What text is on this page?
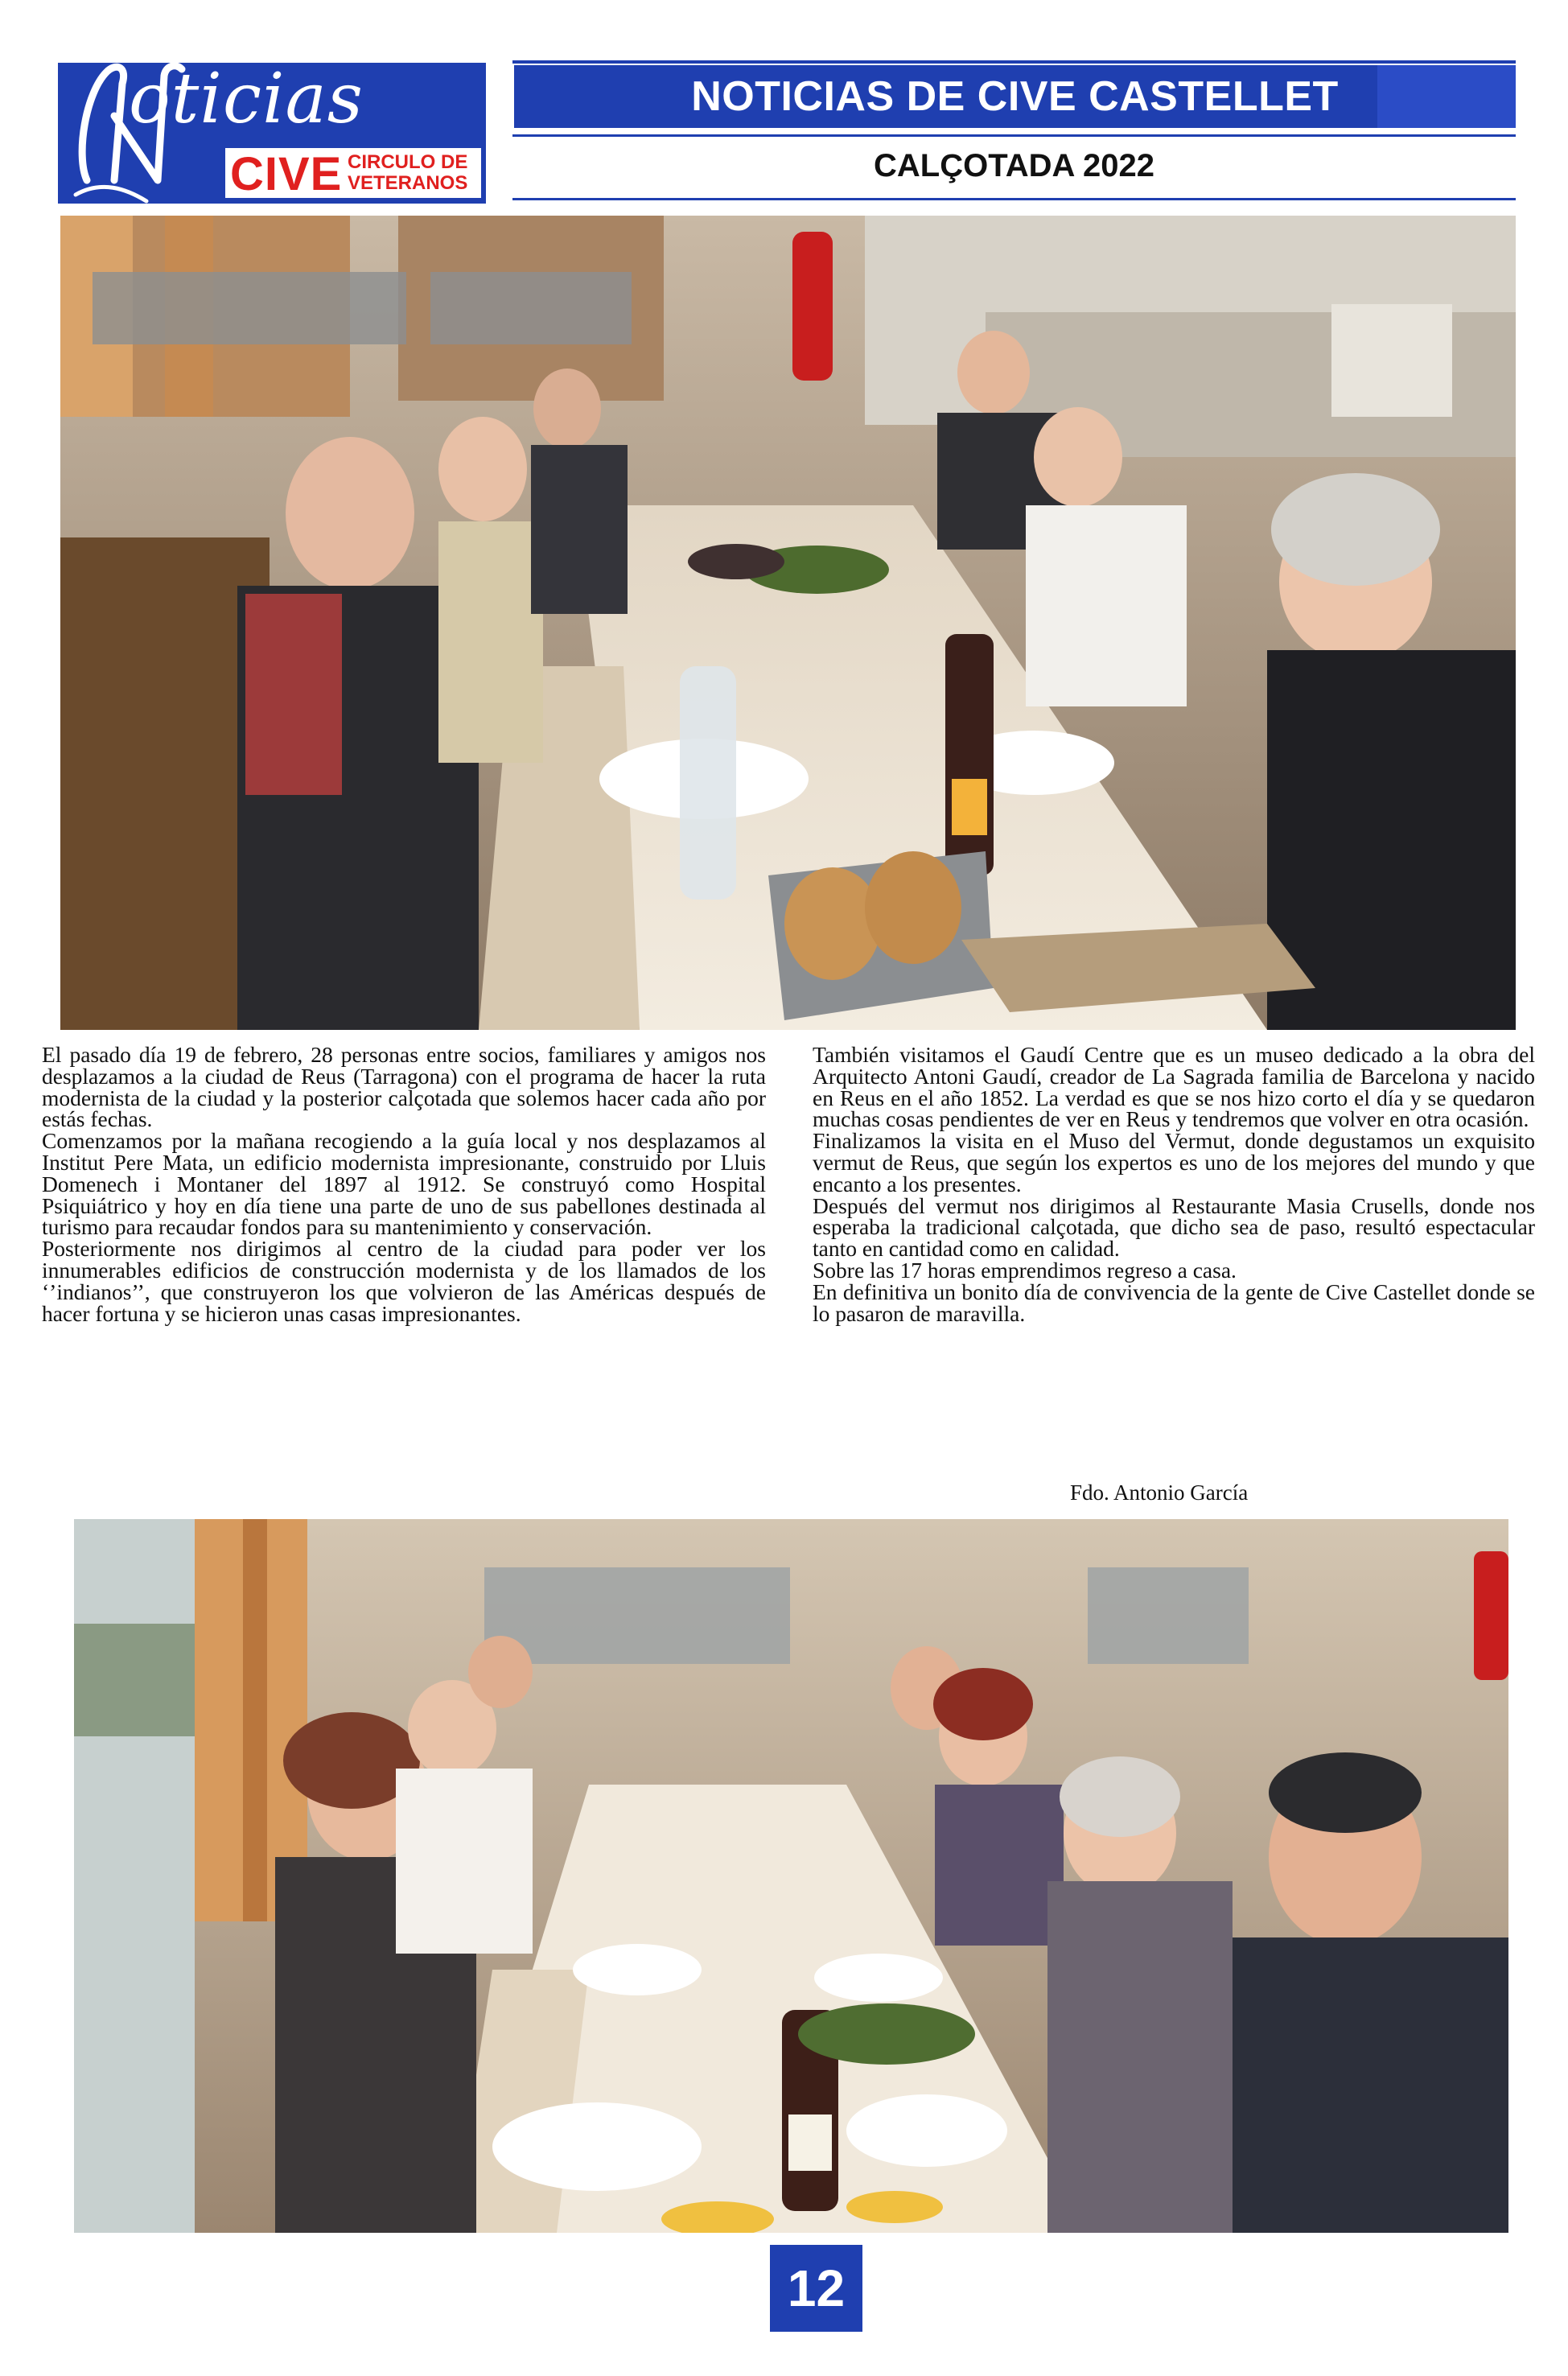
oticias
CIVE CIRCULO DE
VETERANOS
NOTICIAS DE CIVE CASTELLET
CALÇOTADA 2022

El pasado día 19 de febrero, 28 personas entre socios, familiares y amigos nos desplazamos a la ciudad de Reus (Tarragona) con el programa de hacer la ruta modernista de la ciudad y la posterior calçotada que solemos hacer cada año por estás fechas.

Comenzamos por la mañana recogiendo a la guía local y nos desplazamos al Institut Pere Mata, un edificio modernista impresionante, construido por Lluis Domenech i Montaner del 1897 al 1912. Se construyó como Hospital Psiquiátrico y hoy en día tiene una parte de uno de sus pabellones destinada al turismo para recaudar fondos para su mantenimiento y conservación.

Posteriormente nos dirigimos al centro de la ciudad para poder ver los innumerables edificios de construcción modernista y de los llamados de los ‘’indianos’’, que construyeron los que volvieron de las Américas después de hacer fortuna y se hicieron unas casas impresionantes.

También visitamos el Gaudí Centre que es un museo dedicado a la obra del Arquitecto Antoni Gaudí, creador de La Sagrada familia de Barcelona y nacido en Reus en el año 1852. La verdad es que se nos hizo corto el día y se quedaron muchas cosas pendientes de ver en Reus y tendremos que volver en otra ocasión.

Finalizamos la visita en el Muso del Vermut, donde degustamos un exquisito vermut de Reus, que según los expertos es uno de los mejores del mundo y que encanto a los presentes.

Después del vermut nos dirigimos al Restaurante Masia Crusells, donde nos esperaba la tradicional calçotada, que dicho sea de paso, resultó espectacular tanto en cantidad como en calidad.

Sobre las 17 horas emprendimos regreso a casa.

En definitiva un bonito día de convivencia de la gente de Cive Castellet donde se lo pasaron de maravilla.

Fdo. Antonio García
12
